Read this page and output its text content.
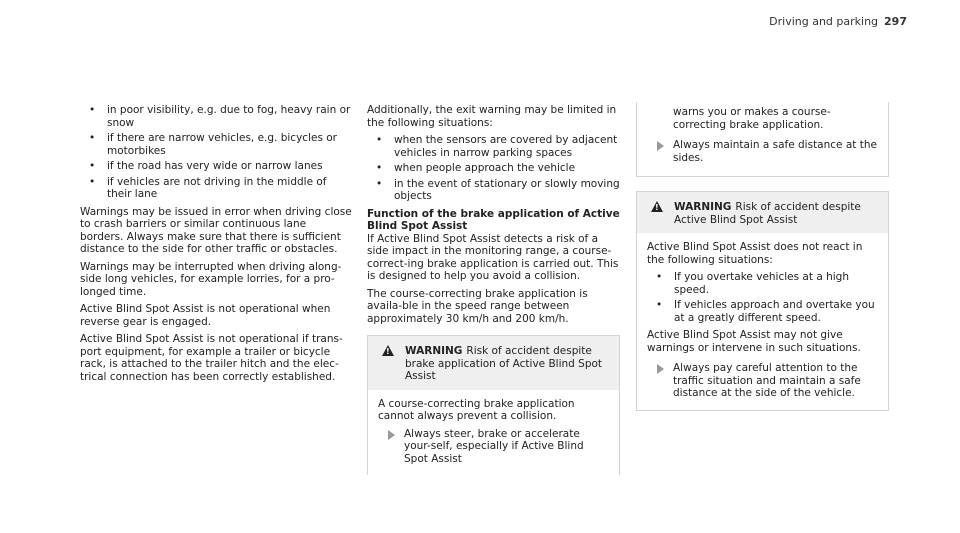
Driving and parking 297
• in poor visibility, e.g. due to fog, heavy rain or snow
• if there are narrow vehicles, e.g. bicycles or motorbikes
• if the road has very wide or narrow lanes
• if vehicles are not driving in the middle of their lane

Warnings may be issued in error when driving close to crash barriers or similar continuous lane borders. Always make sure that there is sufficient distance to the side for other traffic or obstacles.

Warnings may be interrupted when driving along-side long vehicles, for example lorries, for a pro-longed time.

Active Blind Spot Assist is not operational when reverse gear is engaged.

Active Blind Spot Assist is not operational if trans-port equipment, for example a trailer or bicycle rack, is attached to the trailer hitch and the elec-trical connection has been correctly established.

Additionally, the exit warning may be limited in the following situations:

• when the sensors are covered by adjacent vehicles in narrow parking spaces
• when people approach the vehicle
• in the event of stationary or slowly moving objects
Function of the brake application of Active Blind Spot Assist

If Active Blind Spot Assist detects a risk of a side impact in the monitoring range, a course-correct-ing brake application is carried out. This is designed to help you avoid a collision.

The course-correcting brake application is availa-ble in the speed range between approximately 30 km/h and 200 km/h.

!
WARNING Risk of accident despite brake application of Active Blind Spot Assist

A course-correcting brake application cannot always prevent a collision.

Always steer, brake or accelerate your-self, especially if Active Blind Spot Assist
warns you or makes a course-correcting brake application.
Always maintain a safe distance at the sides.
!
WARNING Risk of accident despite Active Blind Spot Assist

Active Blind Spot Assist does not react in the following situations:

• If you overtake vehicles at a high speed.
• If vehicles approach and overtake you at a greatly different speed.

Active Blind Spot Assist may not give warnings or intervene in such situations.

Always pay careful attention to the traffic situation and maintain a safe distance at the side of the vehicle.
